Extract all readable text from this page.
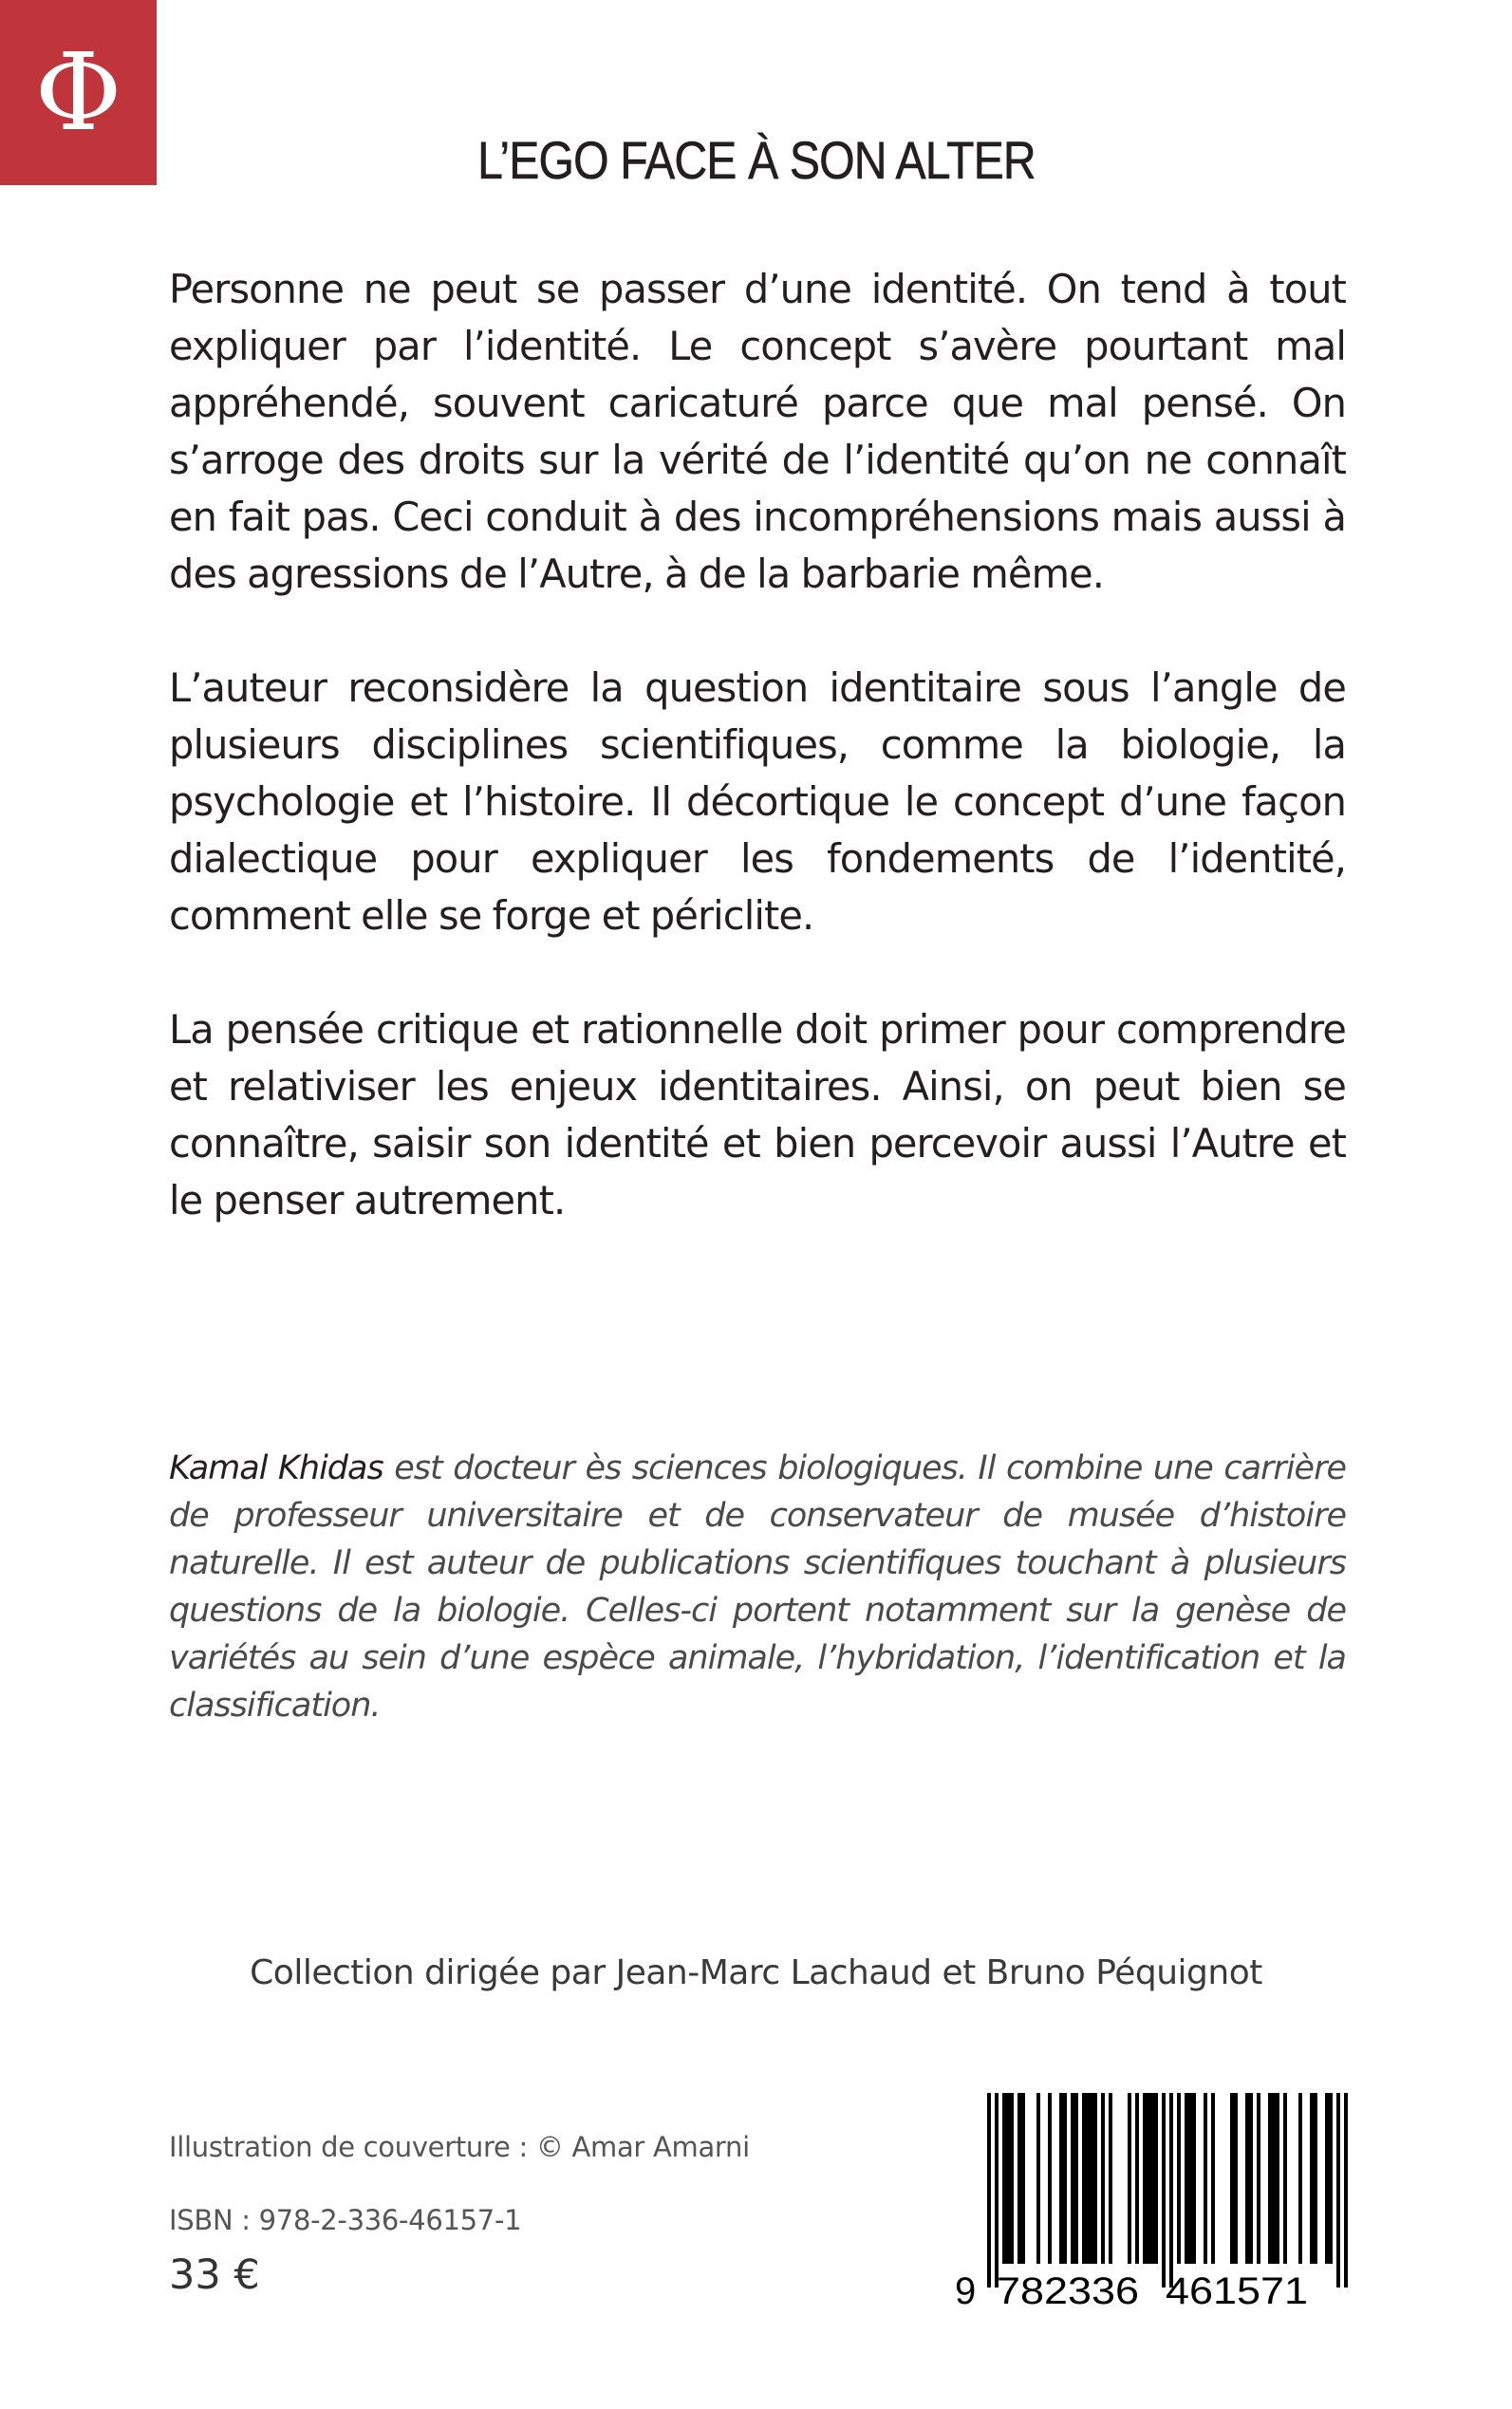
Φ
L’EGO FACE À SON ALTER
Personne ne peut se passer d’une identité. On tend à tout expliquer par l’identité. Le concept s’avère pourtant mal appréhendé, souvent caricaturé parce que mal pensé. On s’arroge des droits sur la vérité de l’identité qu’on ne connaît en fait pas. Ceci conduit à des incompréhensions mais aussi à des agressions de l’Autre, à de la barbarie même.
L’auteur reconsidère la question identitaire sous l’angle de plusieurs disciplines scientifiques, comme la biologie, la psychologie et l’histoire. Il décortique le concept d’une façon dialectique pour expliquer les fondements de l’identité, comment elle se forge et périclite.
La pensée critique et rationnelle doit primer pour comprendre et relativiser les enjeux identitaires. Ainsi, on peut bien se connaître, saisir son identité et bien percevoir aussi l’Autre et le penser autrement.
Kamal Khidas est docteur ès sciences biologiques. Il combine une carrière de professeur universitaire et de conservateur de musée d’histoire naturelle. Il est auteur de publications scientifiques touchant à plusieurs questions de la biologie. Celles-ci portent notamment sur la genèse de variétés au sein d’une espèce animale, l’hybridation, l’identification et la classification.
Collection dirigée par Jean-Marc Lachaud et Bruno Péquignot
Illustration de couverture : © Amar Amarni
ISBN : 978-2-336-46157-1
33 €	9 782336 461571
